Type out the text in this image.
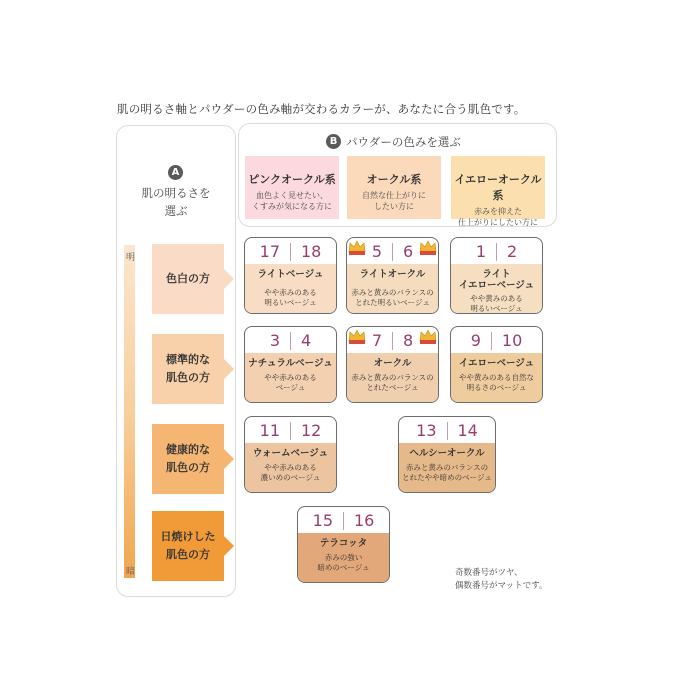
肌の明るさ軸とパウダーの色み軸が交わるカラーが、あなたに合う肌色です。
A
肌の明るさを
選ぶ
B パウダーの色みを選ぶ
明
暗
色白の方
標準的な
肌色の方
健康的な
肌色の方
日焼けした
肌色の方
ピンクオークル系
血色よく見せたい、
くすみが気になる方に
オークル系
自然な仕上がりに
したい方に
イエローオークル系
赤みを抑えた
仕上がりにしたい方に
17 18
ライトベージュ
やや赤みのある
明るいベージュ
5 6
ライトオークル
赤みと黄みのバランスの
とれた明るいベージュ
1 2
ライト
イエローベージュ
やや黄みのある
明るいベージュ
3 4
ナチュラルベージュ
やや赤みのある
ベージュ
7 8
オークル
赤みと黄みのバランスの
とれたベージュ
9 10
イエローベージュ
やや黄みのある自然な
明るさのベージュ
11 12
ウォームベージュ
やや赤みのある
濃いめのベージュ
13 14
ヘルシーオークル
赤みと黄みのバランスの
とれたやや暗めのベージュ
15 16
テラコッタ
赤みの強い
暗めのベージュ
奇数番号がツヤ、
偶数番号がマットです。
